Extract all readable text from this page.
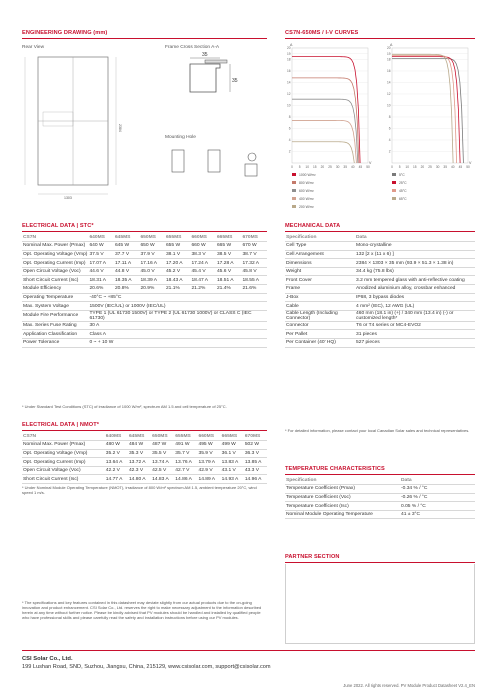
ENGINEERING DRAWING (mm)
Rear View	Frame Cross Section A-A
Mounting Hole
1303
2384
35
35
CS7N-650MS / I-V CURVES
20
19
18
16
14
12
10
8
6
4
2
0 5 10 15 20 25 30 35 40 45 50
A
V
1000 W/m²
800 W/m²
600 W/m²
400 W/m²
200 W/m²
20
19
18
16
14
12
10
8
6
4
2
0 5 10 15 20 25 30 35 40 45 50
A
V
5°C
25°C
45°C
65°C
ELECTRICAL DATA | STC*
CS7N	640MS	645MS	650MS	655MS	660MS	665MS	670MS
Nominal Max. Power (Pmax)	640 W	645 W	650 W	655 W	660 W	665 W	670 W
Opt. Operating Voltage (Vmp)	37.5 V	37.7 V	37.9 V	38.1 V	38.3 V	38.5 V	38.7 V
Opt. Operating Current (Imp)	17.07 A	17.11 A	17.16 A	17.20 A	17.24 A	17.28 A	17.32 A
Open Circuit Voltage (Voc)	44.6 V	44.8 V	45.0 V	45.2 V	45.4 V	45.6 V	45.8 V
Short Circuit Current (Isc)	18.31 A	18.35 A	18.39 A	18.43 A	18.47 A	18.51 A	18.55 A
Module Efficiency	20.6%	20.8%	20.9%	21.1%	21.2%	21.4%	21.6%
Operating Temperature	-40°C ~ +85°C						
Max. System Voltage	1500V (IEC/UL) or 1000V (IEC/UL)						
Module Fire Performance	TYPE 1 (UL 61730 1500V) or TYPE 2 (UL 61730 1000V) or CLASS C (IEC 61730)						
Max. Series Fuse Rating	30 A						
Application Classification	Class A						
Power Tolerance	0 ~ + 10 W						
* Under Standard Test Conditions (STC) of irradiance of 1000 W/m², spectrum AM 1.5 and cell temperature of 25°C.
ELECTRICAL DATA | NMOT*
CS7N	640MS	645MS	650MS	655MS	660MS	665MS	670MS
Nominal Max. Power (Pmax)	480 W	484 W	487 W	491 W	495 W	499 W	502 W
Opt. Operating Voltage (Vmp)	35.2 V	35.3 V	35.5 V	35.7 V	35.9 V	36.1 V	36.3 V
Opt. Operating Current (Imp)	13.64 A	13.72 A	13.74 A	13.76 A	13.79 A	13.83 A	13.85 A
Open Circuit Voltage (Voc)	42.2 V	42.3 V	42.5 V	42.7 V	42.9 V	43.1 V	43.3 V
Short Circuit Current (Isc)	14.77 A	14.80 A	14.83 A	14.86 A	14.89 A	14.93 A	14.96 A
* Under Nominal Module Operating Temperature (NMOT), irradiance of 800 W/m² spectrum AM 1.5, ambient temperature 20°C, wind speed 1 m/s.
MECHANICAL DATA
Specification	Data
Cell Type	Mono-crystalline
Cell Arrangement	132 [2 x (11 x 6) ]
Dimensions	2384 × 1303 × 35 mm (93.9 × 51.3 × 1.38 in)
Weight	34.4 kg (75.8 lbs)
Front Cover	3.2 mm tempered glass with anti-reflective coating
Frame	Anodized aluminium alloy, crossbar enhanced
J-Box	IP68, 3 bypass diodes
Cable	4 mm² (IEC), 12 AWG (UL)
Cable Length (Including Connector)	460 mm (18.1 in) (+) / 340 mm (13.4 in) (-) or customized length*
Connector	T6 or T4 series or MC4-EVO2
Per Pallet	31 pieces
Per Container (40' HQ)	527 pieces
* For detailed information, please contact your local Canadian Solar sales and technical representatives.
TEMPERATURE CHARACTERISTICS
Specification	Data
Temperature Coefficient (Pmax)	-0.34 % / °C
Temperature Coefficient (Voc)	-0.26 % / °C
Temperature Coefficient (Isc)	0.05 % / °C
Nominal Module Operating Temperature	41 ± 3°C
PARTNER SECTION
* The specifications and key features contained in this datasheet may deviate slightly from our actual products due to the on-going innovation and product enhancement. CSI Solar Co., Ltd. reserves the right to make necessary adjustment to the information described herein at any time without further notice. Please be kindly advised that PV modules should be handled and installed by qualified people who have professional skills and please carefully read the safety and installation instructions before using our PV modules.
CSI Solar Co., Ltd.
199 Lushan Road, SND, Suzhou, Jiangsu, China, 215129, www.csisolar.com, support@csisolar.com
June 2022. All rights reserved. PV Module Product Datasheet V2.4_EN
